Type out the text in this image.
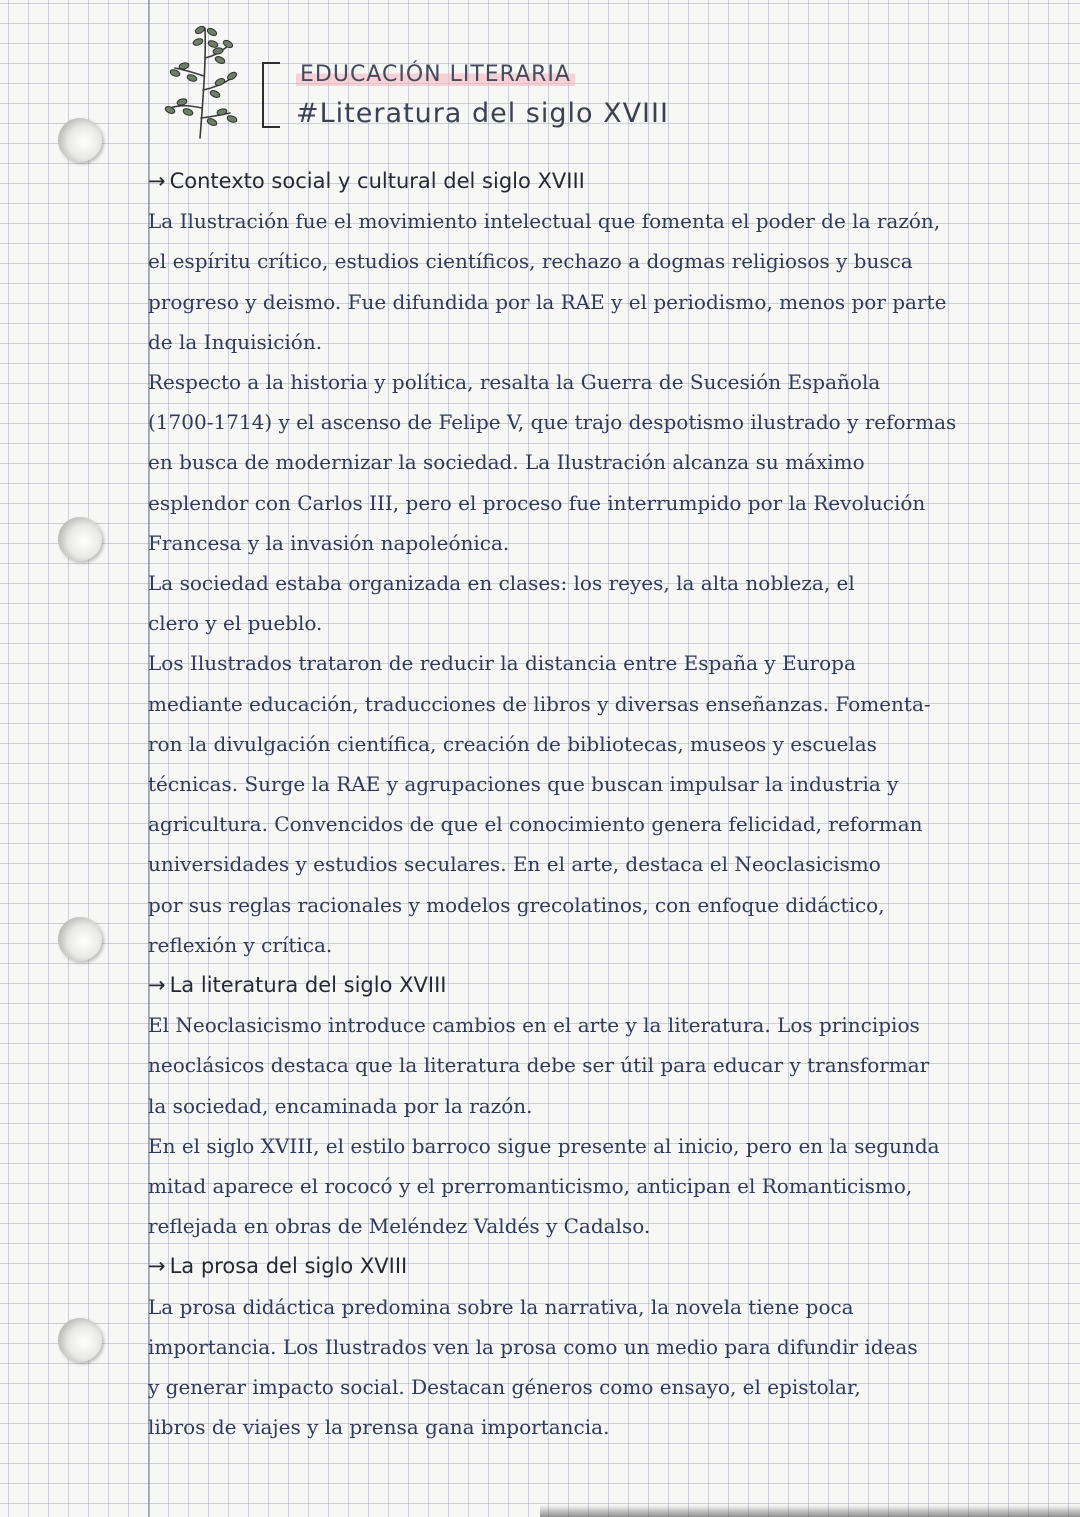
EDUCACIÓN LITERARIA
#Literatura del siglo XVIII
→ Contexto social y cultural del siglo XVIII
La Ilustración fue el movimiento intelectual que fomenta el poder de la razón,
el espíritu crítico, estudios científicos, rechazo a dogmas religiosos y busca
progreso y deismo. Fue difundida por la RAE y el periodismo, menos por parte
de la Inquisición.
Respecto a la historia y política, resalta la Guerra de Sucesión Española
(1700-1714) y el ascenso de Felipe V, que trajo despotismo ilustrado y reformas
en busca de modernizar la sociedad. La Ilustración alcanza su máximo
esplendor con Carlos III, pero el proceso fue interrumpido por la Revolución
Francesa y la invasión napoleónica.
La sociedad estaba organizada en clases: los reyes, la alta nobleza, el
clero y el pueblo.
Los Ilustrados trataron de reducir la distancia entre España y Europa
mediante educación, traducciones de libros y diversas enseñanzas. Fomenta-
ron la divulgación científica, creación de bibliotecas, museos y escuelas
técnicas. Surge la RAE y agrupaciones que buscan impulsar la industria y
agricultura. Convencidos de que el conocimiento genera felicidad, reforman
universidades y estudios seculares. En el arte, destaca el Neoclasicismo
por sus reglas racionales y modelos grecolatinos, con enfoque didáctico,
reflexión y crítica.
→ La literatura del siglo XVIII
El Neoclasicismo introduce cambios en el arte y la literatura. Los principios
neoclásicos destaca que la literatura debe ser útil para educar y transformar
la sociedad, encaminada por la razón.
En el siglo XVIII, el estilo barroco sigue presente al inicio, pero en la segunda
mitad aparece el rococó y el prerromanticismo, anticipan el Romanticismo,
reflejada en obras de Meléndez Valdés y Cadalso.
→ La prosa del siglo XVIII
La prosa didáctica predomina sobre la narrativa, la novela tiene poca
importancia. Los Ilustrados ven la prosa como un medio para difundir ideas
y generar impacto social. Destacan géneros como ensayo, el epistolar,
libros de viajes y la prensa gana importancia.
